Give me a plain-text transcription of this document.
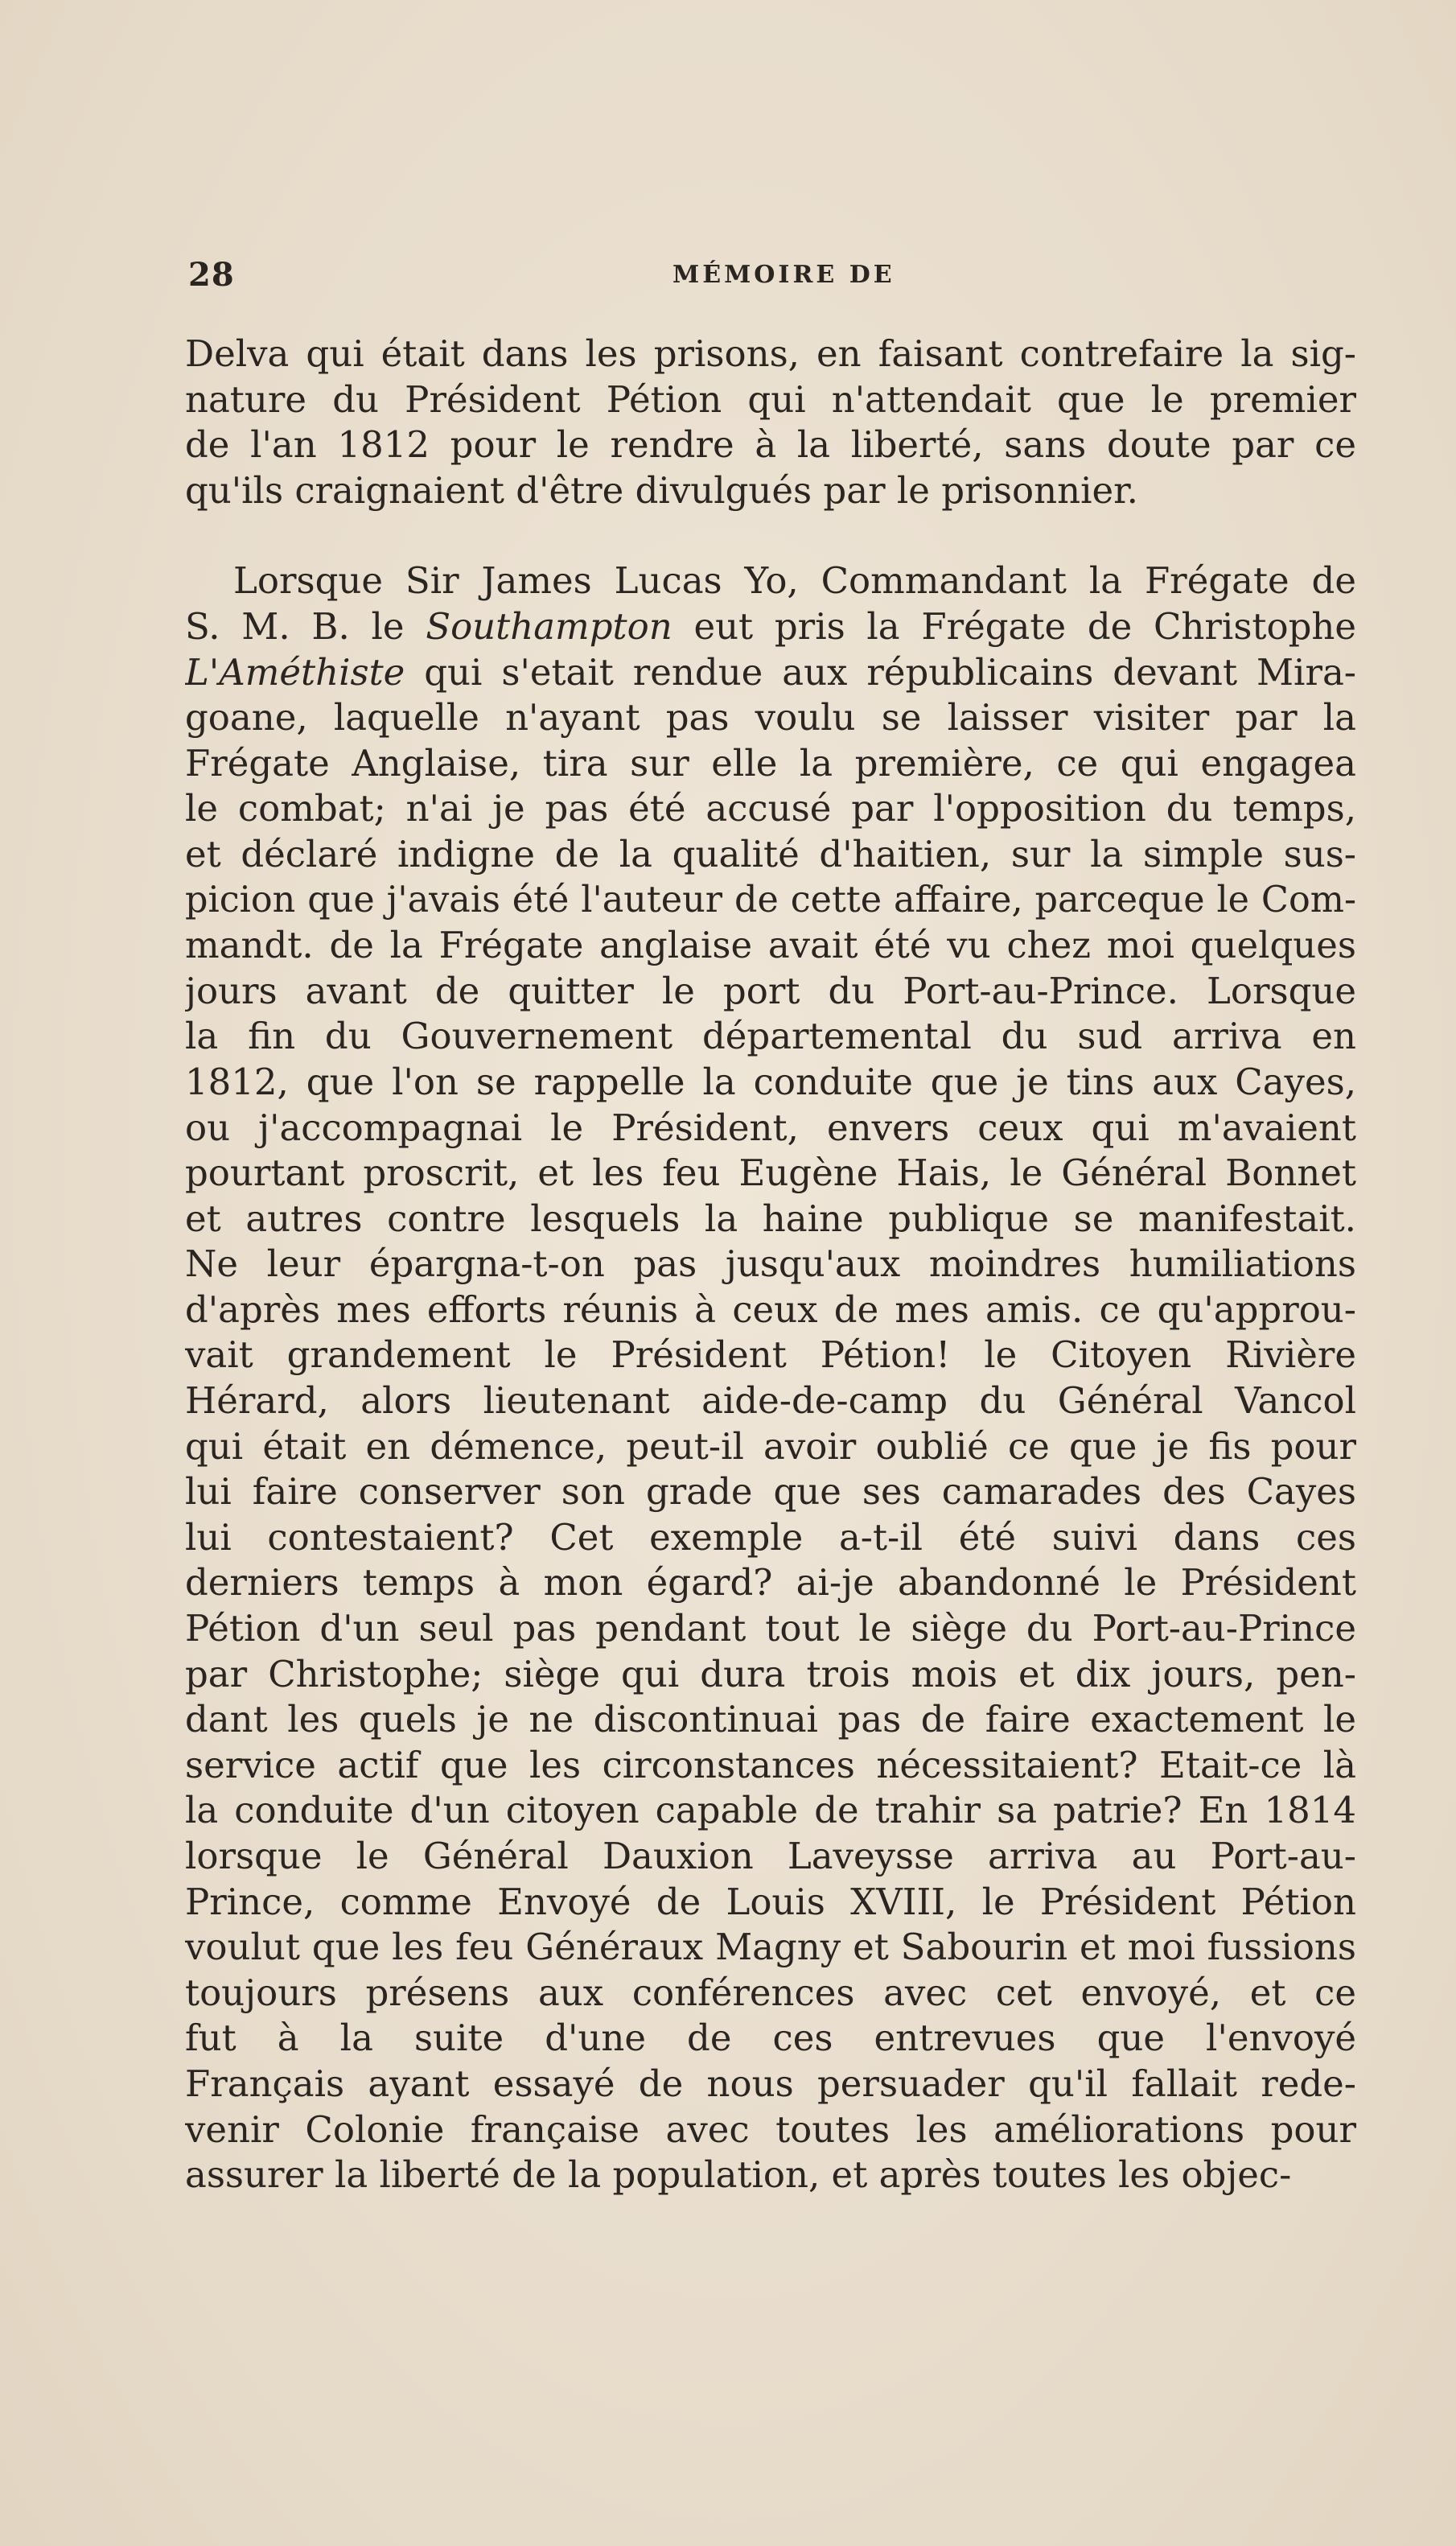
28	MÉMOIRE DE
Delva qui était dans les prisons, en faisant contrefaire la sig-
nature du Président Pétion qui n'attendait que le premier
de l'an 1812 pour le rendre à la liberté, sans doute par ce
qu'ils craignaient d'être divulgués par le prisonnier.
Lorsque Sir James Lucas Yo, Commandant la Frégate de
S. M. B. le Southampton eut pris la Frégate de Christophe
L'Améthiste qui s'etait rendue aux républicains devant Mira-
goane, laquelle n'ayant pas voulu se laisser visiter par la
Frégate Anglaise, tira sur elle la première, ce qui engagea
le combat; n'ai je pas été accusé par l'opposition du temps,
et déclaré indigne de la qualité d'haitien, sur la simple sus-
picion que j'avais été l'auteur de cette affaire, parceque le Com-
mandt. de la Frégate anglaise avait été vu chez moi quelques
jours avant de quitter le port du Port-au-Prince. Lorsque
la fin du Gouvernement départemental du sud arriva en
1812, que l'on se rappelle la conduite que je tins aux Cayes,
ou j'accompagnai le Président, envers ceux qui m'avaient
pourtant proscrit, et les feu Eugène Hais, le Général Bonnet
et autres contre lesquels la haine publique se manifestait.
Ne leur épargna-t-on pas jusqu'aux moindres humiliations
d'après mes efforts réunis à ceux de mes amis. ce qu'approu-
vait grandement le Président Pétion! le Citoyen Rivière
Hérard, alors lieutenant aide-de-camp du Général Vancol
qui était en démence, peut-il avoir oublié ce que je fis pour
lui faire conserver son grade que ses camarades des Cayes
lui contestaient? Cet exemple a-t-il été suivi dans ces
derniers temps à mon égard? ai-je abandonné le Président
Pétion d'un seul pas pendant tout le siège du Port-au-Prince
par Christophe; siège qui dura trois mois et dix jours, pen-
dant les quels je ne discontinuai pas de faire exactement le
service actif que les circonstances nécessitaient? Etait-ce là
la conduite d'un citoyen capable de trahir sa patrie? En 1814
lorsque le Général Dauxion Laveysse arriva au Port-au-
Prince, comme Envoyé de Louis XVIII, le Président Pétion
voulut que les feu Généraux Magny et Sabourin et moi fussions
toujours présens aux conférences avec cet envoyé, et ce
fut à la suite d'une de ces entrevues que l'envoyé
Français ayant essayé de nous persuader qu'il fallait rede-
venir Colonie française avec toutes les améliorations pour
assurer la liberté de la population, et après toutes les objec-
